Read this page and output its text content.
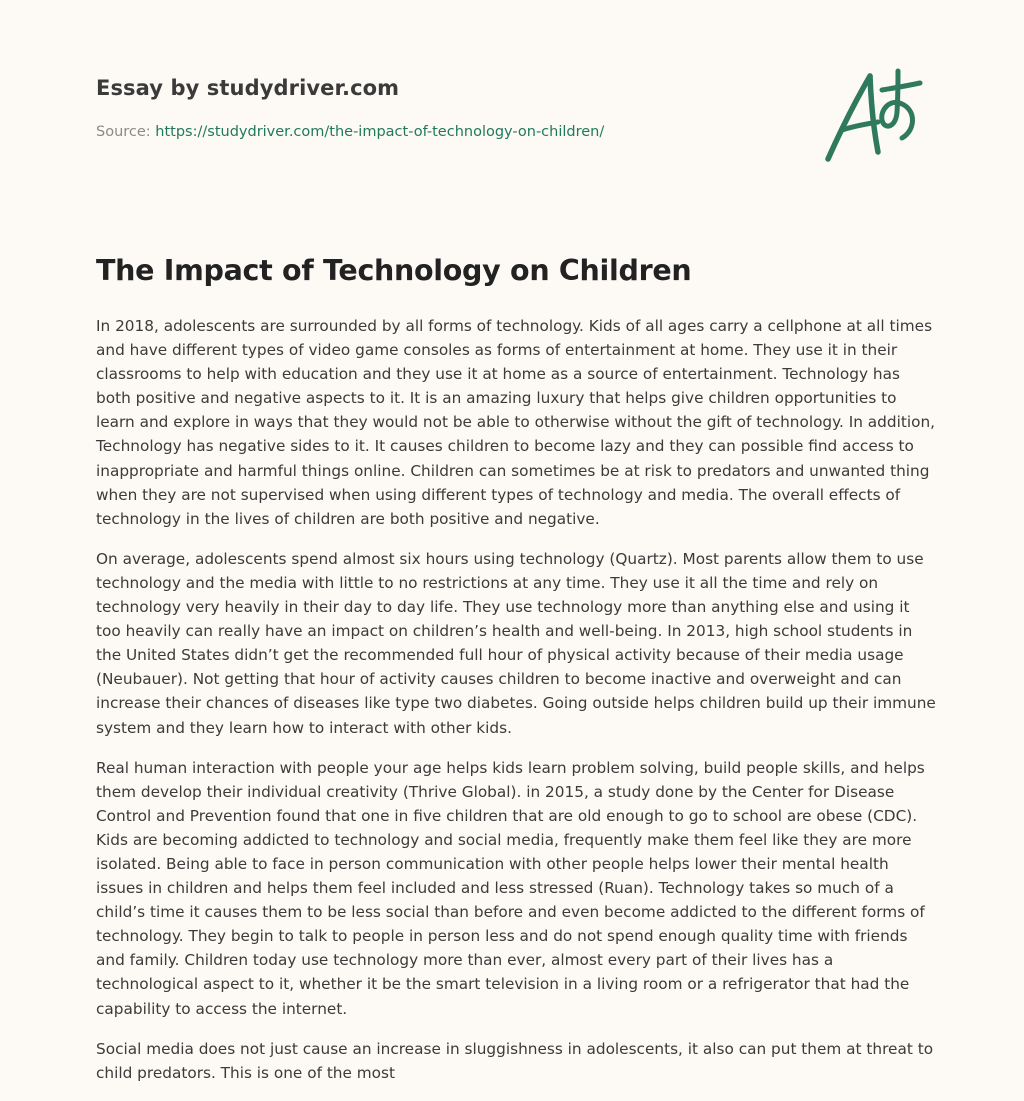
Essay by studydriver.com
Source: https://studydriver.com/the-impact-of-technology-on-children/
The Impact of Technology on Children

In 2018, adolescents are surrounded by all forms of technology. Kids of all ages carry a cellphone at all times and have different types of video game consoles as forms of entertainment at home. They use it in their classrooms to help with education and they use it at home as a source of entertainment. Technology has both positive and negative aspects to it. It is an amazing luxury that helps give children opportunities to learn and explore in ways that they would not be able to otherwise without the gift of technology. In addition, Technology has negative sides to it. It causes children to become lazy and they can possible find access to inappropriate and harmful things online. Children can sometimes be at risk to predators and unwanted thing when they are not supervised when using different types of technology and media. The overall effects of technology in the lives of children are both positive and negative.

On average, adolescents spend almost six hours using technology (Quartz). Most parents allow them to use technology and the media with little to no restrictions at any time. They use it all the time and rely on technology very heavily in their day to day life. They use technology more than anything else and using it too heavily can really have an impact on children’s health and well-being. In 2013, high school students in the United States didn’t get the recommended full hour of physical activity because of their media usage (Neubauer). Not getting that hour of activity causes children to become inactive and overweight and can increase their chances of diseases like type two diabetes. Going outside helps children build up their immune system and they learn how to interact with other kids.

Real human interaction with people your age helps kids learn problem solving, build people skills, and helps them develop their individual creativity (Thrive Global). in 2015, a study done by the Center for Disease Control and Prevention found that one in five children that are old enough to go to school are obese (CDC). Kids are becoming addicted to technology and social media, frequently make them feel like they are more isolated. Being able to face in person communication with other people helps lower their mental health issues in children and helps them feel included and less stressed (Ruan). Technology takes so much of a child’s time it causes them to be less social than before and even become addicted to the different forms of technology. They begin to talk to people in person less and do not spend enough quality time with friends and family. Children today use technology more than ever, almost every part of their lives has a technological aspect to it, whether it be the smart television in a living room or a refrigerator that had the capability to access the internet.

Social media does not just cause an increase in sluggishness in adolescents, it also can put them at threat to child predators. This is one of the most
